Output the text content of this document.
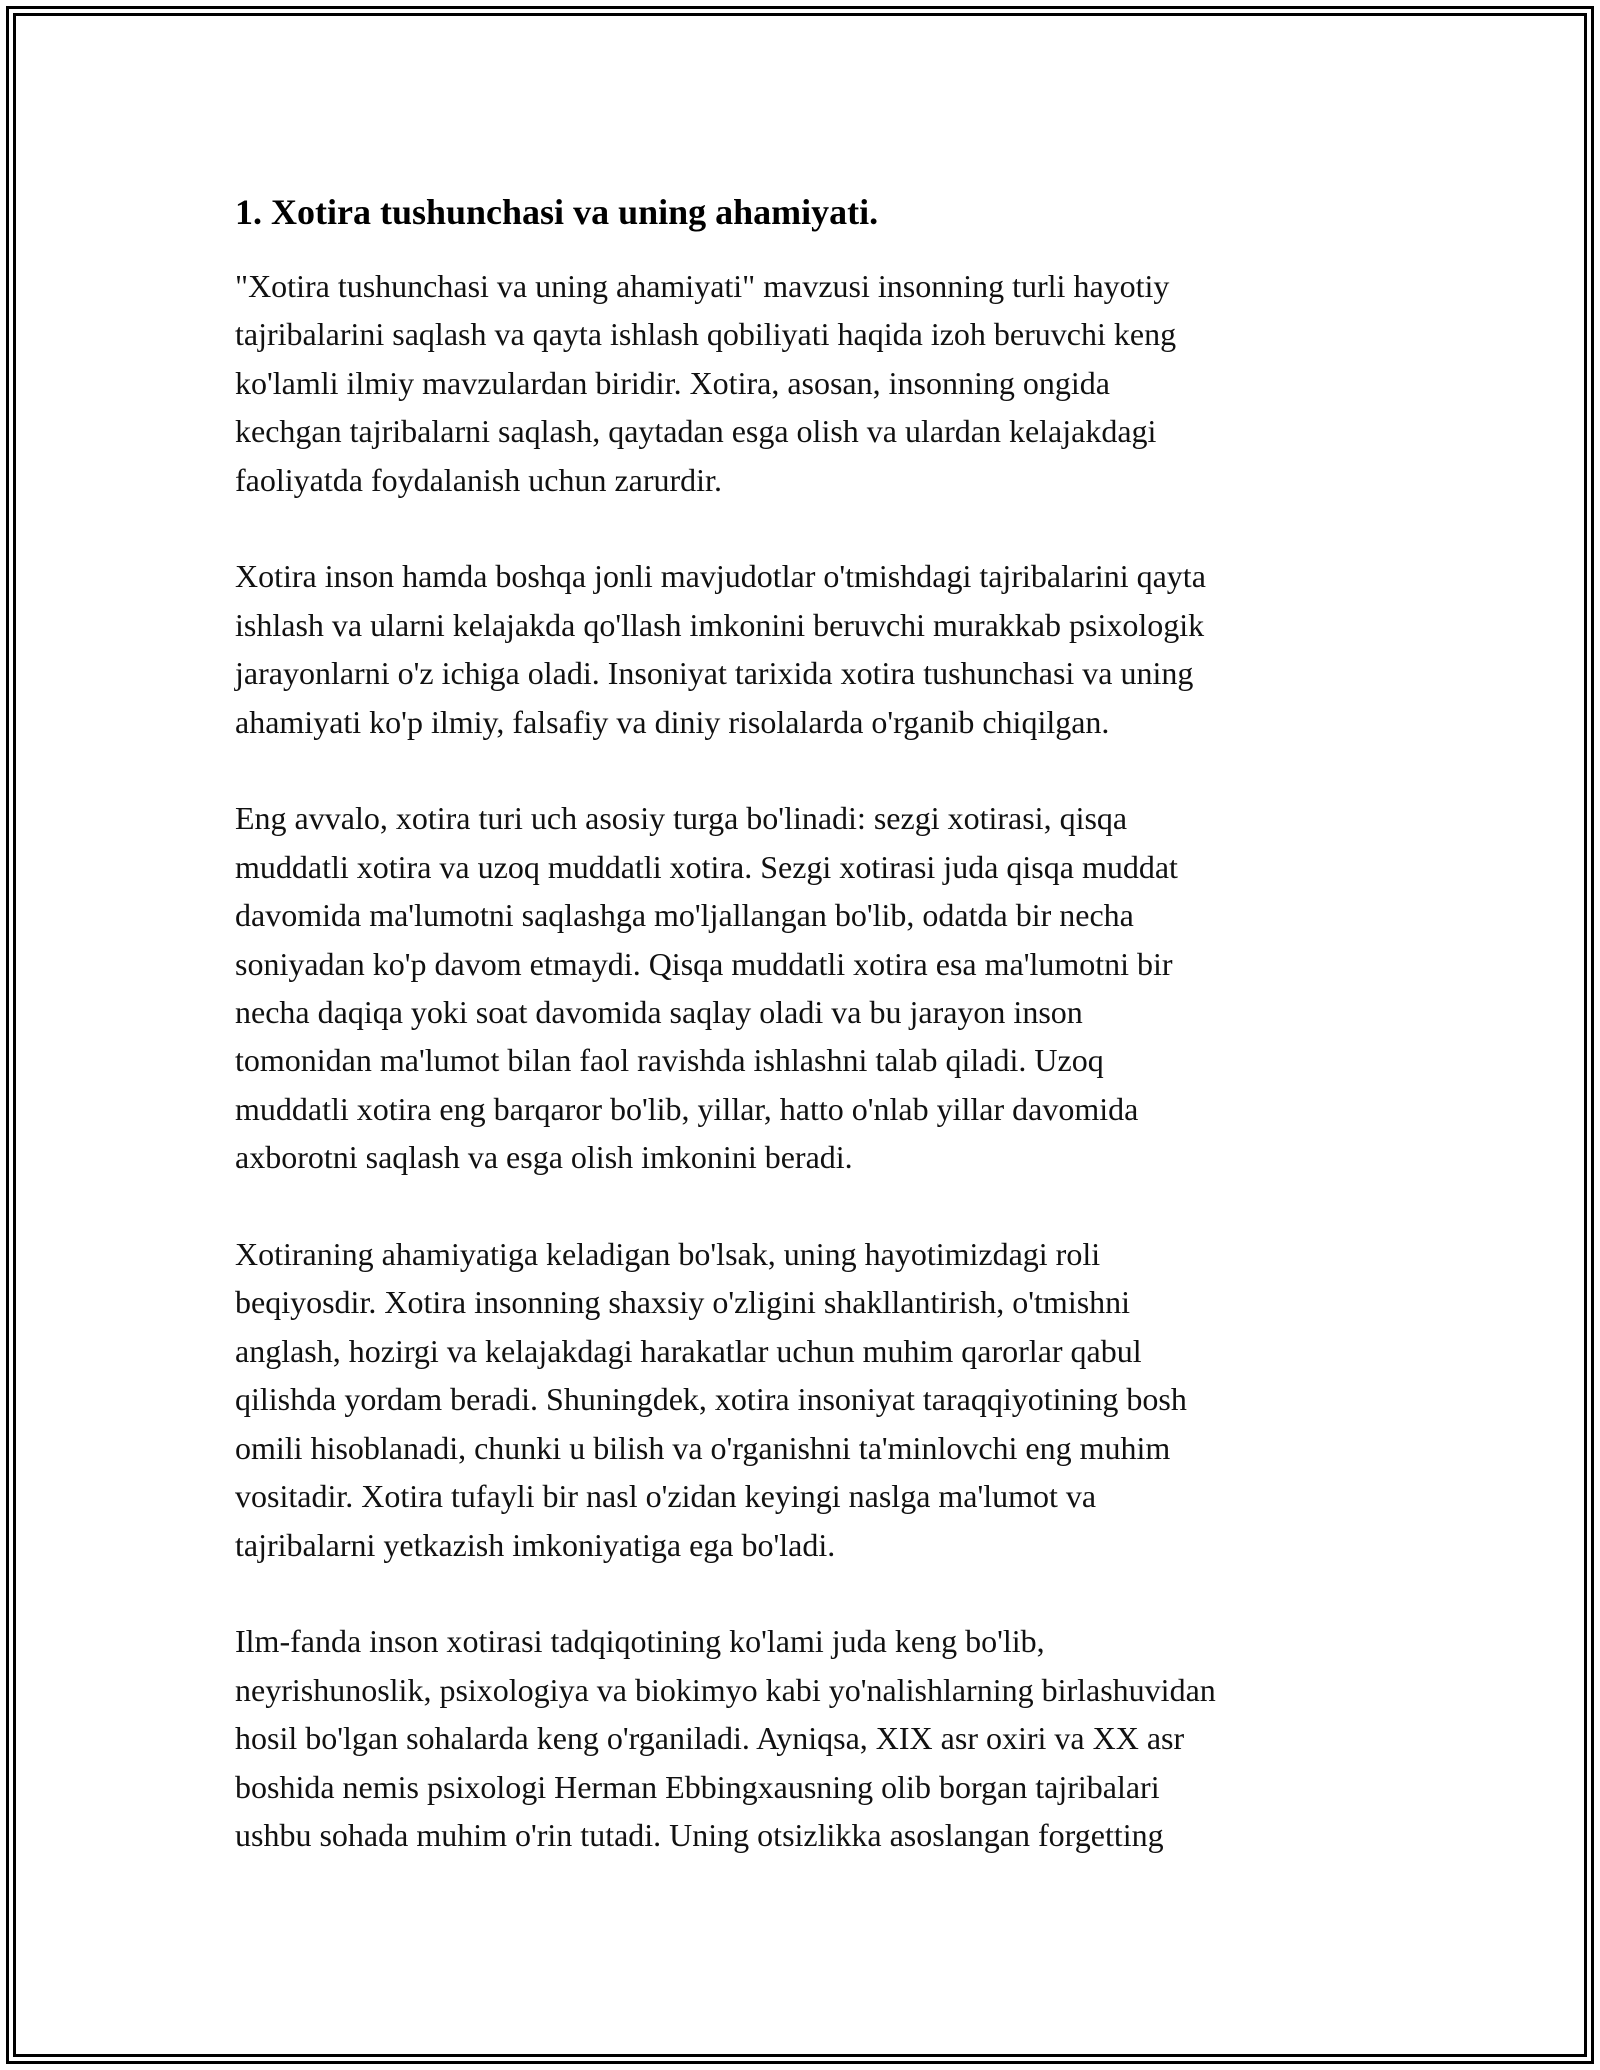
1. Xotira tushunchasi va uning ahamiyati.
"Xotira tushunchasi va uning ahamiyati" mavzusi insonning turli hayotiy
tajribalarini saqlash va qayta ishlash qobiliyati haqida izoh beruvchi keng
ko'lamli ilmiy mavzulardan biridir. Xotira, asosan, insonning ongida
kechgan tajribalarni saqlash, qaytadan esga olish va ulardan kelajakdagi
faoliyatda foydalanish uchun zarurdir.
Xotira inson hamda boshqa jonli mavjudotlar o'tmishdagi tajribalarini qayta
ishlash va ularni kelajakda qo'llash imkonini beruvchi murakkab psixologik
jarayonlarni o'z ichiga oladi. Insoniyat tarixida xotira tushunchasi va uning
ahamiyati ko'p ilmiy, falsafiy va diniy risolalarda o'rganib chiqilgan.
Eng avvalo, xotira turi uch asosiy turga bo'linadi: sezgi xotirasi, qisqa
muddatli xotira va uzoq muddatli xotira. Sezgi xotirasi juda qisqa muddat
davomida ma'lumotni saqlashga mo'ljallangan bo'lib, odatda bir necha
soniyadan ko'p davom etmaydi. Qisqa muddatli xotira esa ma'lumotni bir
necha daqiqa yoki soat davomida saqlay oladi va bu jarayon inson
tomonidan ma'lumot bilan faol ravishda ishlashni talab qiladi. Uzoq
muddatli xotira eng barqaror bo'lib, yillar, hatto o'nlab yillar davomida
axborotni saqlash va esga olish imkonini beradi.
Xotiraning ahamiyatiga keladigan bo'lsak, uning hayotimizdagi roli
beqiyosdir. Xotira insonning shaxsiy o'zligini shakllantirish, o'tmishni
anglash, hozirgi va kelajakdagi harakatlar uchun muhim qarorlar qabul
qilishda yordam beradi. Shuningdek, xotira insoniyat taraqqiyotining bosh
omili hisoblanadi, chunki u bilish va o'rganishni ta'minlovchi eng muhim
vositadir. Xotira tufayli bir nasl o'zidan keyingi naslga ma'lumot va
tajribalarni yetkazish imkoniyatiga ega bo'ladi.
Ilm-fanda inson xotirasi tadqiqotining ko'lami juda keng bo'lib,
neyrishunoslik, psixologiya va biokimyo kabi yo'nalishlarning birlashuvidan
hosil bo'lgan sohalarda keng o'rganiladi. Ayniqsa, XIX asr oxiri va XX asr
boshida nemis psixologi Herman Ebbingxausning olib borgan tajribalari
ushbu sohada muhim o'rin tutadi. Uning otsizlikka asoslangan forgetting
